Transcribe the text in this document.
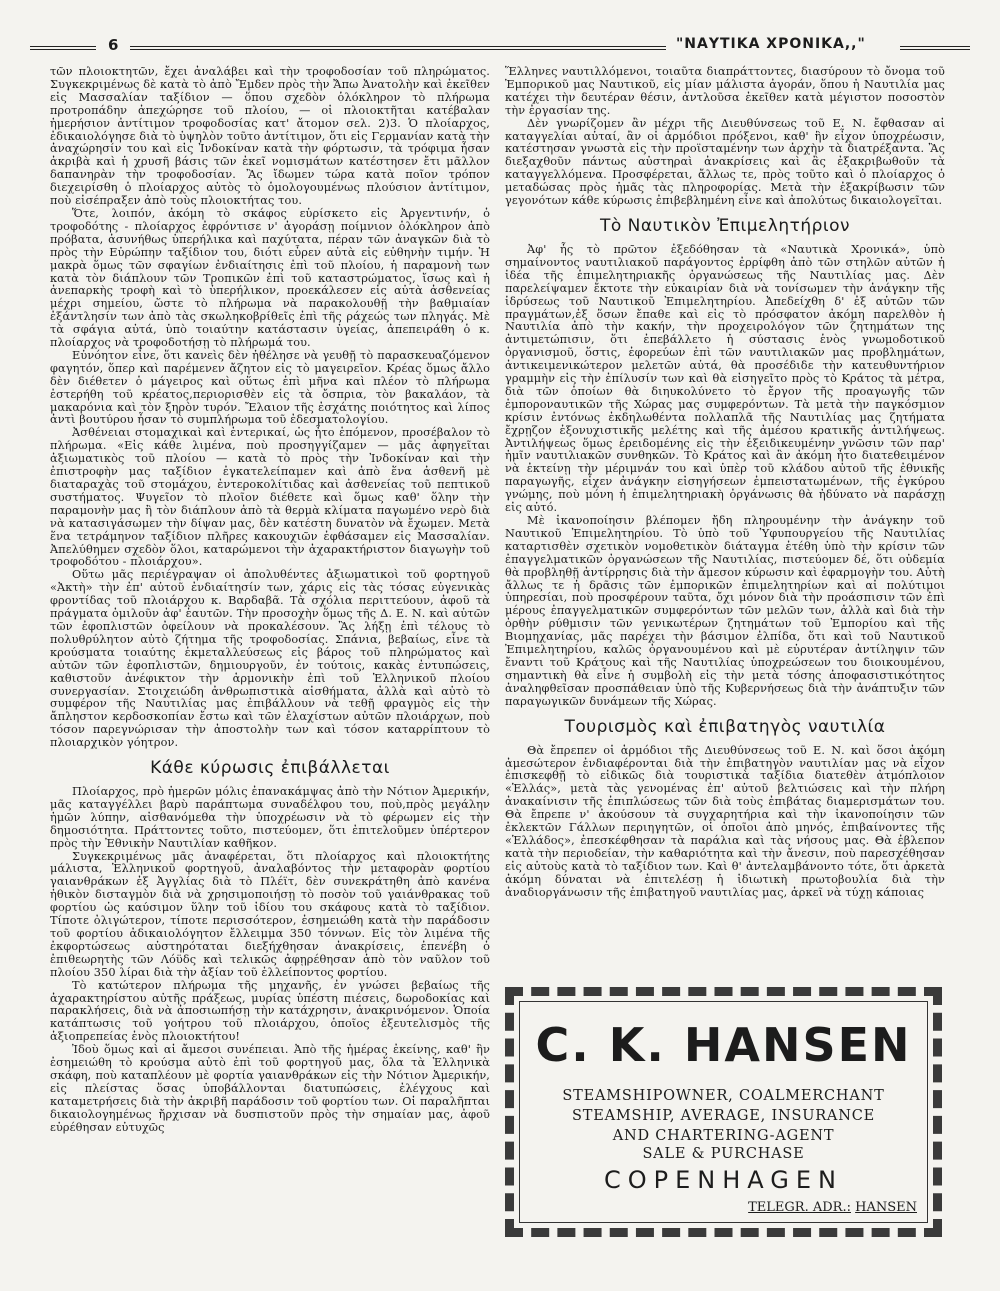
6	"ΝΑΥΤΙΚΑ ΧΡΟΝΙΚΑ,,"

τῶν πλοιοκτητῶν, ἔχει ἀναλάβει καὶ τὴν τροφοδοσίαν τοῦ πληρώματος. Συγκεκριμένως δὲ κατὰ τὸ ἀπὸ Ἔμδεν πρὸς τὴν Ἄπω Ἀνατολὴν καὶ ἐκεῖθεν εἰς Μασσαλίαν ταξίδιον — ὅπου σχεδὸν ὁλόκληρον τὸ πλήρωμα προτροπάδην ἀπεχώρησε τοῦ πλοίου, — οἱ πλοιοκτῆται κατέβαλαν ἡμερήσιον ἀντίτιμον τροφοδοσίας κατ' ἄτομον σελ. 2)3. Ὁ πλοίαρχος, ἐδικαιολόγησε διὰ τὸ ὑψηλὸν τοῦτο ἀντίτιμον, ὅτι εἰς Γερμανίαν κατὰ τὴν ἀναχώρησίν του καὶ εἰς Ἰνδοκίναν κατὰ τὴν φόρτωσιν, τὰ τρόφιμα ἦσαν ἀκριβὰ καὶ ἡ χρυσῆ βάσις τῶν ἐκεῖ νομισμάτων κατέστησεν ἔτι μᾶλλον δαπανηρὰν τὴν τροφοδοσίαν. Ἂς ἴδωμεν τώρα κατὰ ποῖον τρόπον διεχειρίσθη ὁ πλοίαρχος αὐτὸς τὸ ὁμολογουμένως πλούσιον ἀντίτιμον, ποὺ εἰσέπραξεν ἀπὸ τοὺς πλοιοκτήτας του.

Ὅτε, λοιπόν, ἀκόμη τὸ σκάφος εὑρίσκετο εἰς Ἀργεντινήν, ὁ τροφοδότης - πλοίαρχος ἐφρόντισε ν' ἀγοράσῃ ποίμνιον ὁλόκληρον ἀπὸ πρόβατα, ἀσυνήθως ὑπερήλικα καὶ παχύτατα, πέραν τῶν ἀναγκῶν διὰ τὸ πρὸς τὴν Εὐρώπην ταξίδιον του, διότι εὗρεν αὐτὰ εἰς εὐθηνὴν τιμήν. Ἡ μακρὰ ὅμως τῶν σφαγίων ἐνδιαίτησις ἐπὶ τοῦ πλοίου, ἡ παραμονὴ των κατὰ τὸν διάπλουν τῶν Τροπικῶν ἐπὶ τοῦ καταστρώματος, ἴσως καὶ ἡ ἀνεπαρκὴς τροφὴ καὶ τὸ ὑπερήλικον, προεκάλεσεν εἰς αὐτὰ ἀσθενείας μέχρι σημείου, ὥστε τὸ πλήρωμα νὰ παρακολουθῇ τὴν βαθμιαίαν ἐξάντλησίν των ἀπὸ τὰς σκωληκοβρίθεῖς ἐπὶ τῆς ράχεώς των πληγάς. Μὲ τὰ σφάγια αὐτά, ὑπὸ τοιαύτην κατάστασιν ὑγείας, ἀπεπειράθη ὁ κ. πλοίαρχος νὰ τροφοδοτήσῃ τὸ πλήρωμά του.

Εὐνόητον εἶνε, ὅτι κανεὶς δὲν ἠθέλησε νὰ γευθῇ τὸ παρασκευαζόμενον φαγητόν, ὅπερ καὶ παρέμενεν ἄζητον εἰς τὸ μαγειρεῖον. Κρέας ὅμως ἄλλο δὲν διέθετεν ὁ μάγειρος καὶ οὕτως ἐπὶ μῆνα καὶ πλέον τὸ πλήρωμα ἐστερήθη τοῦ κρέατος,περιορισθὲν εἰς τὰ ὄσπρια, τὸν βακαλάον, τὰ μακαρόνια καὶ τὸν ξηρὸν τυρόν. Ἔλαιον τῆς ἐσχάτης ποιότητος καὶ λίπος ἀντὶ βουτύρου ἦσαν τὸ συμπλήρωμα τοῦ ἐδεσματολογίου.

Ἀσθένειαι στομαχικαὶ καὶ ἐντερικαί, ὡς ἦτο ἑπόμενον, προσέβαλον τὸ πλήρωμα. «Εἰς κάθε λιμένα, ποὺ προσηγγίζαμεν — μᾶς ἀφηγεῖται ἀξιωματικὸς τοῦ πλοίου — κατὰ τὸ πρὸς τὴν Ἰνδοκίναν καὶ τὴν ἐπιστροφὴν μας ταξίδιον ἐγκατελείπαμεν καὶ ἀπὸ ἕνα ἀσθενῆ μὲ διαταραχὰς τοῦ στομάχου, ἐντεροκολίτιδας καὶ ἀσθενείας τοῦ πεπτικοῦ συστήματος. Ψυγεῖον τὸ πλοῖον διέθετε καὶ ὅμως καθ' ὅλην τὴν παραμονὴν μας ἢ τὸν διάπλουν ἀπὸ τὰ θερμὰ κλίματα παγωμένο νερὸ διὰ νὰ κατασιγάσωμεν τὴν δίψαν μας, δὲν κατέστη δυνατὸν νὰ ἔχωμεν. Μετὰ ἕνα τετράμηνον ταξίδιον πλῆρες κακουχιῶν ἐφθάσαμεν εἰς Μασσαλίαν. Ἀπελύθημεν σχεδὸν ὅλοι, καταρώμενοι τὴν ἀχαρακτήριστον διαγωγὴν τοῦ τροφοδότου - πλοιάρχου».

Οὕτω μᾶς περιέγραψαν οἱ ἀπολυθέντες ἀξιωματικοὶ τοῦ φορτηγοῦ «Ἀκτὴ» τὴν ἐπ' αὐτοῦ ἐνδιαίτησίν των, χάρις εἰς τὰς τόσας εὐγενικὰς φροντίδας τοῦ πλοιάρχου κ. Βαρδαβᾶ. Τὰ σχόλια περιττεύουν, ἀφοῦ τὰ πράγματα ὁμιλοῦν ἀφ' ἑαυτῶν. Τὴν προσοχὴν ὅμως τῆς Δ. Ε. Ν. καὶ αὐτῶν τῶν ἐφοπλιστῶν ὀφείλουν νὰ προκαλέσουν. Ἂς λήξῃ ἐπὶ τέλους τὸ πολυθρύλητον αὐτὸ ζήτημα τῆς τροφοδοσίας. Σπάνια, βεβαίως, εἶνε τὰ κρούσματα τοιαύτης ἐκμεταλλεύσεως εἰς βάρος τοῦ πληρώματος καὶ αὐτῶν τῶν ἐφοπλιστῶν, δημιουργοῦν, ἐν τούτοις, κακὰς ἐντυπώσεις, καθιστοῦν ἀνέφικτον τὴν ἁρμονικὴν ἐπὶ τοῦ Ἑλληνικοῦ πλοίου συνεργασίαν. Στοιχειώδη ἀνθρωπιστικὰ αἰσθήματα, ἀλλὰ καὶ αὐτὸ τὸ συμφέρον τῆς Ναυτιλίας μας ἐπιβάλλουν νὰ τεθῇ φραγμὸς εἰς τὴν ἄπληστον κερδοσκοπίαν ἔστω καὶ τῶν ἐλαχίστων αὐτῶν πλοιάρχων, ποὺ τόσον παρεγνώρισαν τὴν ἀποστολὴν των καὶ τόσον καταρρίπτουν τὸ πλοιαρχικὸν γόητρον.

Κάθε κύρωσις ἐπιβάλλεται

Πλοίαρχος, πρὸ ἡμερῶν μόλις ἐπανακάμψας ἀπὸ τὴν Νότιον Ἀμερικήν, μᾶς καταγγέλλει βαρὺ παράπτωμα συναδέλφου του, ποὺ,πρὸς μεγάλην ἡμῶν λύπην, αἰσθανόμεθα τὴν ὑποχρέωσιν νὰ τὸ φέρωμεν εἰς τὴν δημοσιότητα. Πράττοντες τοῦτο, πιστεύομεν, ὅτι ἐπιτελοῦμεν ὑπέρτερον πρὸς τὴν Ἐθνικὴν Ναυτιλίαν καθῆκον.

Συγκεκριμένως μᾶς ἀναφέρεται, ὅτι πλοίαρχος καὶ πλοιοκτήτης μάλιστα, Ἑλληνικοῦ φορτηγοῦ, ἀναλαβόντος τὴν μεταφορὰν φορτίου γαιανθράκων ἐξ Ἀγγλίας διὰ τὸ Πλέϊτ, δὲν συνεκράτηθη ἀπὸ κανένα ἠθικὸν δισταγμὸν διὰ νὰ χρησιμοποιήσῃ τὸ ποσὸν τοῦ γαιάνθρακας τοῦ φορτίου ὡς καύσιμον ὕλην τοῦ ἰδίου του σκάφους κατὰ τὸ ταξίδιον. Τίποτε ὀλιγώτερον, τίποτε περισσότερον, ἐσημειώθη κατὰ τὴν παράδοσιν τοῦ φορτίου ἀδικαιολόγητον ἔλλειμμα 350 τόννων. Εἰς τὸν λιμένα τῆς ἐκφορτώσεως αὐστηρόταται διεξήχθησαν ἀνακρίσεις, ἐπενέβη ὁ ἐπιθεωρητὴς τῶν Λόϋδς καὶ τελικῶς ἀφῃρέθησαν ἀπὸ τὸν ναῦλον τοῦ πλοίου 350 λίραι διὰ τὴν ἀξίαν τοῦ ἐλλείποντος φορτίου.

Τὸ κατώτερον πλήρωμα τῆς μηχανῆς, ἐν γνώσει βεβαίως τῆς ἀχαρακτηρίστου αὐτῆς πράξεως, μυρίας ὑπέστη πιέσεις, δωροδοκίας καὶ παρακλήσεις, διὰ νὰ ἀποσιωπήσῃ τὴν κατάχρησιν, ἀνακρινόμενον. Ὁποία κατάπτωσις τοῦ γοήτρου τοῦ πλοιάρχου, ὁποῖος ἐξευτελισμὸς τῆς ἀξιοπρεπείας ἑνὸς πλοιοκτήτου!

Ἰδοὺ ὅμως καὶ αἱ ἄμεσοι συνέπειαι. Ἀπὸ τῆς ἡμέρας ἐκείνης, καθ' ἣν ἐσημειώθη τὸ κρούσμα αὐτὸ ἐπὶ τοῦ φορτηγοῦ μας, ὅλα τὰ Ἑλληνικὰ σκάφη, ποὺ καταπλέουν μὲ φορτία γαιανθράκων εἰς τὴν Νότιον Ἀμερικήν, εἰς πλείστας ὅσας ὑποβάλλονται διατυπώσεις, ἐλέγχους καὶ καταμετρήσεις διὰ τὴν ἀκριβῆ παράδοσιν τοῦ φορτίου των. Οἱ παραλῆπται δικαιολογημένως ἤρχισαν νὰ δυσπιστοῦν πρὸς τὴν σημαίαν μας, ἀφοῦ εὑρέθησαν εὐτυχῶς

Ἕλληνες ναυτιλλόμενοι, τοιαῦτα διαπράττοντες, διασύρουν τὸ ὄνομα τοῦ Ἐμπορικοῦ μας Ναυτικοῦ, εἰς μίαν μάλιστα ἀγοράν, ὅπου ἡ Ναυτιλία μας κατέχει τὴν δευτέραν θέσιν, ἀντλοῦσα ἐκεῖθεν κατὰ μέγιστον ποσοστὸν τὴν ἐργασίαν της.

Δὲν γνωρίζομεν ἂν μέχρι τῆς Διευθύνσεως τοῦ Ε. Ν. ἔφθασαν αἱ καταγγελίαι αὐταί, ἂν οἱ ἁρμόδιοι πρόξενοι, καθ' ἣν εἶχον ὑποχρέωσιν, κατέστησαν γνωστὰ εἰς τὴν προϊσταμένην των ἀρχὴν τὰ διατρέξαντα. Ἂς διεξαχθοῦν πάντως αὐστηραὶ ἀνακρίσεις καὶ ἂς ἐξακριβωθοῦν τὰ καταγγελλόμενα. Προσφέρεται, ἄλλως τε, πρὸς τοῦτο καὶ ὁ πλοίαρχος ὁ μεταδώσας πρὸς ἡμᾶς τὰς πληροφορίας. Μετὰ τὴν ἐξακρίβωσιν τῶν γεγονότων κάθε κύρωσις ἐπιβεβλημένη εἶνε καὶ ἀπολύτως δικαιολογεῖται.

Τὸ Ναυτικὸν Ἐπιμελητήριον

Ἀφ' ἧς τὸ πρῶτον ἐξεδόθησαν τὰ «Ναυτικὰ Χρονικά», ὑπὸ σημαίνοντος ναυτιλιακοῦ παράγοντος ἐρρίφθη ἀπὸ τῶν στηλῶν αὐτῶν ἡ ἰδέα τῆς ἐπιμελητηριακῆς ὀργανώσεως τῆς Ναυτιλίας μας. Δὲν παρελείψαμεν ἔκτοτε τὴν εὐκαιρίαν διὰ νὰ τονίσωμεν τὴν ἀνάγκην τῆς ἱδρύσεως τοῦ Ναυτικοῦ Ἐπιμελητηρίου. Ἀπεδείχθη δ' ἐξ αὐτῶν τῶν πραγμάτων,ἐξ ὅσων ἔπαθε καὶ εἰς τὸ πρόσφατον ἀκόμη παρελθὸν ἡ Ναυτιλία ἀπὸ τὴν κακήν, τὴν προχειρολόγον τῶν ζητημάτων της ἀντιμετώπισιν, ὅτι ἐπεβάλλετο ἡ σύστασις ἑνὸς γνωμοδοτικοῦ ὀργανισμοῦ, ὅστις, ἐφορεύων ἐπὶ τῶν ναυτιλιακῶν μας προβλημάτων, ἀντικειμενικώτερον μελετῶν αὐτά, θὰ προσέδιδε τὴν κατευθυντήριον γραμμὴν εἰς τὴν ἐπίλυσίν των καὶ θὰ εἰσηγεῖτο πρὸς τὸ Κράτος τὰ μέτρα, διὰ τῶν ὁποίων θὰ διηυκολύνετο τὸ ἔργον τῆς προαγωγῆς τῶν ἐμποροναυτικῶν τῆς Χώρας μας συμφερόντων. Τὰ μετὰ τὴν παγκόσμιον κρίσιν ἐντόνως ἐκδηλωθέντα πολλαπλᾶ τῆς Ναυτιλίας μας ζητήματα ἔχρῃζον ἐξονυχιστικῆς μελέτης καὶ τῆς ἀμέσου κρατικῆς ἀντιλήψεως. Ἀντιλήψεως ὅμως ἐρειδομένης εἰς τὴν ἐξειδικευμένην γνῶσιν τῶν παρ' ἡμῖν ναυτιλιακῶν συνθηκῶν. Τὸ Κράτος καὶ ἂν ἀκόμη ἦτο διατεθειμένον νὰ ἐκτείνῃ τὴν μέριμνάν του καὶ ὑπὲρ τοῦ κλάδου αὐτοῦ τῆς ἐθνικῆς παραγωγῆς, εἶχεν ἀνάγκην εἰσηγήσεων ἐμπειστατωμένων, τῆς ἐγκύρου γνώμης, ποὺ μόνη ἡ ἐπιμελητηριακὴ ὀργάνωσις θὰ ἠδύνατο νὰ παράσχῃ εἰς αὐτό.

Μὲ ἱκανοποίησιν βλέπομεν ἤδη πληρουμένην τὴν ἀνάγκην τοῦ Ναυτικοῦ Ἐπιμελητηρίου. Τὸ ὑπὸ τοῦ Ὑφυπουργείου τῆς Ναυτιλίας καταρτισθὲν σχετικὸν νομοθετικὸν διάταγμα ἐτέθη ὑπὸ τὴν κρίσιν τῶν ἐπαγγελματικῶν ὀργανώσεων τῆς Ναυτιλίας, πιστεύομεν δέ, ὅτι οὐδεμία θὰ προβληθῇ ἀντίρρησις διὰ τὴν ἄμεσον κύρωσιν καὶ ἐφαρμογὴν του. Αὐτὴ ἄλλως τε ἡ δρᾶσις τῶν ἐμπορικῶν ἐπιμελητηρίων καὶ αἱ πολύτιμοι ὑπηρεσίαι, ποὺ προσφέρουν ταῦτα, ὄχι μόνον διὰ τὴν προάσπισιν τῶν ἐπὶ μέρους ἐπαγγελματικῶν συμφερόντων τῶν μελῶν των, ἀλλὰ καὶ διὰ τὴν ὀρθὴν ρύθμισιν τῶν γενικωτέρων ζητημάτων τοῦ Ἐμπορίου καὶ τῆς Βιομηχανίας, μᾶς παρέχει τὴν βάσιμον ἐλπίδα, ὅτι καὶ τοῦ Ναυτικοῦ Ἐπιμελητηρίου, καλῶς ὀργανουμένου καὶ μὲ εὐρυτέραν ἀντίληψιν τῶν ἔναντι τοῦ Κράτους καὶ τῆς Ναυτιλίας ὑποχρεώσεων του διοικουμένου, σημαντικὴ θὰ εἶνε ἡ συμβολὴ εἰς τὴν μετὰ τόσης ἀποφασιστικότητος ἀναληφθεῖσαν προσπάθειαν ὑπὸ τῆς Κυβερνήσεως διὰ τὴν ἀνάπτυξιν τῶν παραγωγικῶν δυνάμεων τῆς Χώρας.

Τουρισμὸς καὶ ἐπιβατηγὸς ναυτιλία

Θὰ ἔπρεπεν οἱ ἁρμόδιοι τῆς Διευθύνσεως τοῦ Ε. Ν. καὶ ὅσοι ἀκόμη ἀμεσώτερον ἐνδιαφέρονται διὰ τὴν ἐπιβατηγὸν ναυτιλίαν μας νὰ εἶχον ἐπισκεφθῇ τὸ εἰδικῶς διὰ τουριστικὰ ταξίδια διατεθὲν ἀτμόπλοιον «Ἑλλάς», μετὰ τὰς γενομένας ἐπ' αὐτοῦ βελτιώσεις καὶ τὴν πλήρη ἀνακαίνισιν τῆς ἐπιπλώσεως τῶν διὰ τοὺς ἐπιβάτας διαμερισμάτων του. Θὰ ἔπρεπε ν' ἀκούσουν τὰ συγχαρητήρια καὶ τὴν ἱκανοποίησιν τῶν ἐκλεκτῶν Γάλλων περιηγητῶν, οἱ ὁποῖοι ἀπὸ μηνός, ἐπιβαίνοντες τῆς «Ἑλλάδος», ἐπεσκέφθησαν τὰ παράλια καὶ τὰς νήσους μας. Θὰ ἐβλεπον κατὰ τὴν περιοδείαν, τὴν καθαριότητα καὶ τὴν ἄνεσιν, ποὺ παρεσχέθησαν εἰς αὐτοὺς κατὰ τὸ ταξίδιον των. Καὶ θ' ἀντελαμβάνοντο τότε, ὅτι ἀρκετὰ ἀκόμη δύναται νὰ ἐπιτελέσῃ ἡ ἰδιωτικὴ πρωτοβουλία διὰ τὴν ἀναδιοργάνωσιν τῆς ἐπιβατηγοῦ ναυτιλίας μας, ἀρκεῖ νὰ τύχῃ κάποιας

C. K. HANSEN
STEAMSHIPOWNER, COALMERCHANT
STEAMSHIP, AVERAGE, INSURANCE
AND CHARTERING-AGENT
SALE & PURCHASE
COPENHAGEN
TELEGR. ADR.: HANSEN
